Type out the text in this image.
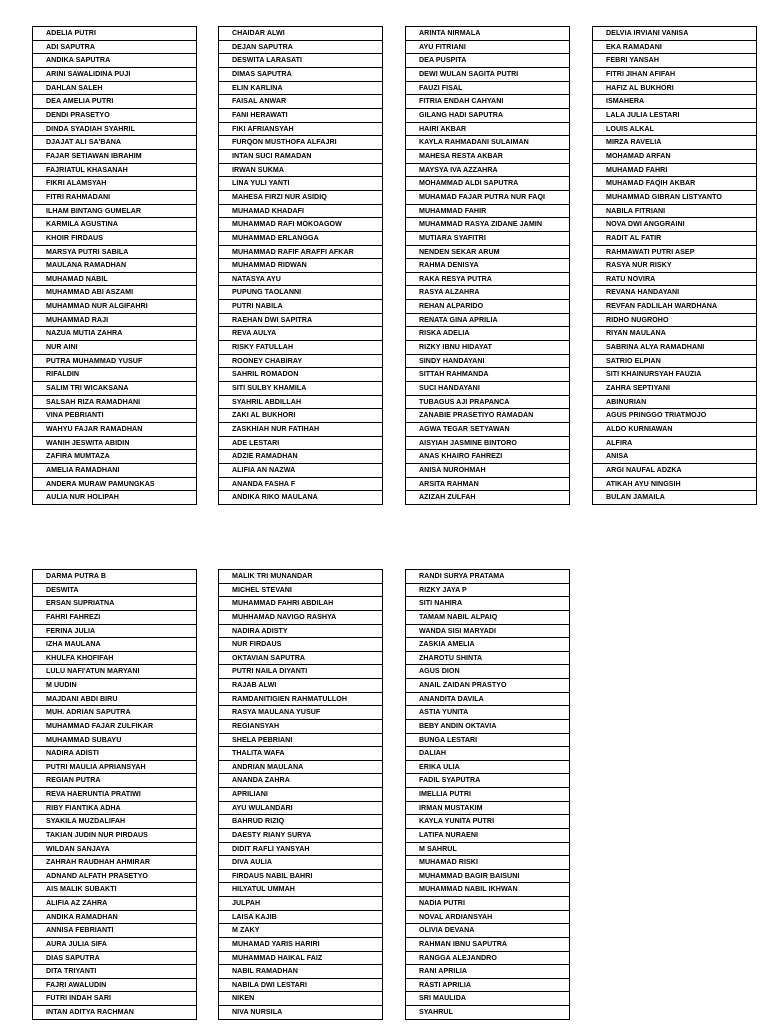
ADELIA PUTRI
ADI SAPUTRA
ANDIKA SAPUTRA
ARINI SAWALIDINA PUJI
DAHLAN SALEH
DEA AMELIA PUTRI
DENDI PRASETYO
DINDA SYADIAH SYAHRIL
DJAJAT ALI SA'BANA
FAJAR SETIAWAN IBRAHIM
FAJRIATUL KHASANAH
FIKRI ALAMSYAH
FITRI RAHMADANI
ILHAM BINTANG GUMELAR
KARMILA AGUSTINA
KHOIR FIRDAUS
MARSYA PUTRI SABILA
MAULANA RAMADHAN
MUHAMAD NABIL
MUHAMMAD ABI ASZAMI
MUHAMMAD NUR ALGIFAHRI
MUHAMMAD RAJI
NAZUA MUTIA ZAHRA
NUR AINI
PUTRA MUHAMMAD YUSUF
RIFALDIN
SALIM TRI WICAKSANA
SALSAH RIZA RAMADHANI
VINA PEBRIANTI
WAHYU FAJAR RAMADHAN
WANIH JESWITA ABIDIN
ZAFIRA MUMTAZA
AMELIA RAMADHANI
ANDERA MURAW PAMUNGKAS
AULIA NUR HOLIPAH
CHAIDAR ALWI
DEJAN SAPUTRA
DESWITA LARASATI
DIMAS SAPUTRA
ELIN KARLINA
FAISAL ANWAR
FANI HERAWATI
FIKI AFRIANSYAH
FURQON MUSTHOFA ALFAJRI
INTAN SUCI RAMADAN
IRWAN SUKMA
LINA YULI YANTI
MAHESA FIRZI NUR ASIDIQ
MUHAMAD KHADAFI
MUHAMMAD RAFI MOKOAGOW
MUHAMMAD ERLANGGA
MUHAMMAD RAFIF ARAFFI AFKAR
MUHAMMAD RIDWAN
NATASYA AYU
PUPUNG TAOLANNI
PUTRI NABILA
RAEHAN DWI SAPITRA
REVA AULYA
RISKY FATULLAH
ROONEY CHABIRAY
SAHRIL ROMADON
SITI SULBY KHAMILA
SYAHRIL ABDILLAH
ZAKI AL BUKHORI
ZASKHIAH NUR FATIHAH
ADE LESTARI
ADZIE RAMADHAN
ALIFIA AN NAZWA
ANANDA FASHA F
ANDIKA RIKO MAULANA
ARINTA NIRMALA
AYU FITRIANI
DEA PUSPITA
DEWI WULAN SAGITA PUTRI
FAUZI FISAL
FITRIA ENDAH CAHYANI
GILANG HADI SAPUTRA
HAIRI AKBAR
KAYLA RAHMADANI SULAIMAN
MAHESA RESTA AKBAR
MAYSYA IVA AZZAHRA
MOHAMMAD ALDI SAPUTRA
MUHAMAD FAJAR PUTRA NUR FAQI
MUHAMMAD FAHIR
MUHAMMAD RASYA ZIDANE JAMIN
MUTIARA SYAFITRI
NENDEN SEKAR ARUM
RAHMA DENISYA
RAKA RESYA PUTRA
RASYA ALZAHRA
REHAN ALPARIDO
RENATA GINA APRILIA
RISKA ADELIA
RIZKY IBNU HIDAYAT
SINDY HANDAYANI
SITTAH RAHMANDA
SUCI HANDAYANI
TUBAGUS AJI PRAPANCA
ZANABIE PRASETIYO RAMADAN
AGWA TEGAR SETYAWAN
AISYIAH JASMINE BINTORO
ANAS KHAIRO FAHREZI
ANISA NUROHMAH
ARSITA RAHMAN
AZIZAH ZULFAH
DELVIA IRVIANI VANISA
EKA RAMADANI
FEBRI YANSAH
FITRI JIHAN AFIFAH
HAFIZ AL BUKHORI
ISMAHERA
LALA JULIA LESTARI
LOUIS ALKAL
MIRZA RAVELIA
MOHAMAD ARFAN
MUHAMAD FAHRI
MUHAMAD FAQIH AKBAR
MUHAMMAD GIBRAN LISTYANTO
NABILA FITRIANI
NOVA DWI ANGGRAINI
RADIT AL FATIR
RAHMAWATI PUTRI ASEP
RASYA NUR RISKY
RATU NOVIRA
REVANA HANDAYANI
REVFAN FADLILAH WARDHANA
RIDHO NUGROHO
RIYAN MAULANA
SABRINA ALYA RAMADHANI
SATRIO ELPIAN
SITI KHAINURSYAH FAUZIA
ZAHRA SEPTIYANI
ABINURIAN
AGUS PRINGGO TRIATMOJO
ALDO KURNIAWAN
ALFIRA
ANISA
ARGI NAUFAL ADZKA
ATIKAH AYU NINGSIH
BULAN JAMAILA
DARMA PUTRA B
DESWITA
ERSAN SUPRIATNA
FAHRI FAHREZI
FERINA JULIA
IZHA MAULANA
KHULFA KHOFIFAH
LULU NAFI'ATUN MARYANI
M UUDIN
MAJDANI ABDI BIRU
MUH. ADRIAN SAPUTRA
MUHAMMAD FAJAR ZULFIKAR
MUHAMMAD SUBAYU
NADIRA ADISTI
PUTRI MAULIA APRIANSYAH
REGIAN PUTRA
REVA HAERUNTIA PRATIWI
RIBY FIANTIKA ADHA
SYAKILA MUZDALIFAH
TAKIAN JUDIN NUR PIRDAUS
WILDAN SANJAYA
ZAHRAH RAUDHAH AHMIRAR
ADNAND ALFATH PRASETYO
AIS MALIK SUBAKTI
ALIFIA AZ ZAHRA
ANDIKA RAMADHAN
ANNISA FEBRIANTI
AURA JULIA SIFA
DIAS SAPUTRA
DITA TRIYANTI
FAJRI AWALUDIN
FUTRI INDAH SARI
INTAN ADITYA RACHMAN
MALIK TRI MUNANDAR
MICHEL STEVANI
MUHAMMAD FAHRI ABDILAH
MUHHAMAD NAVIGO RASHYA
NADIRA ADISTY
NUR FIRDAUS
OKTAVIAN SAPUTRA
PUTRI NAILA DIYANTI
RAJAB ALWI
RAMDANITIGIEN RAHMATULLOH
RASYA MAULANA YUSUF
REGIANSYAH
SHELA PEBRIANI
THALITA WAFA
ANDRIAN MAULANA
ANANDA ZAHRA
APRILIANI
AYU WULANDARI
BAHRUD RIZIQ
DAESTY RIANY SURYA
DIDIT RAFLI YANSYAH
DIVA AULIA
FIRDAUS NABIL BAHRI
HILYATUL UMMAH
JULPAH
LAISA KAJIB
M ZAKY
MUHAMAD YARIS HARIRI
MUHAMMAD HAIKAL FAIZ
NABIL RAMADHAN
NABILA DWI LESTARI
NIKEN
NIVA NURSILA
RANDI SURYA PRATAMA
RIZKY JAYA P
SITI NAHIRA
TAMAM NABIL ALPAIQ
WANDA SISI MARYADI
ZASKIA AMELIA
ZHAROTU SHINTA
AGUS DION
ANAIL ZAIDAN PRASTYO
ANANDITA DAVILA
ASTIA YUNITA
BEBY ANDIN OKTAVIA
BUNGA LESTARI
DALIAH
ERIKA ULIA
FADIL SYAPUTRA
IMELLIA PUTRI
IRMAN MUSTAKIM
KAYLA YUNITA PUTRI
LATIFA NURAENI
M SAHRUL
MUHAMAD RISKI
MUHAMMAD BAGIR BAISUNI
MUHAMMAD NABIL IKHWAN
NADIA PUTRI
NOVAL ARDIANSYAH
OLIVIA DEVANA
RAHMAN IBNU SAPUTRA
RANGGA ALEJANDRO
RANI APRILIA
RASTI APRILIA
SRI MAULIDA
SYAHRUL
